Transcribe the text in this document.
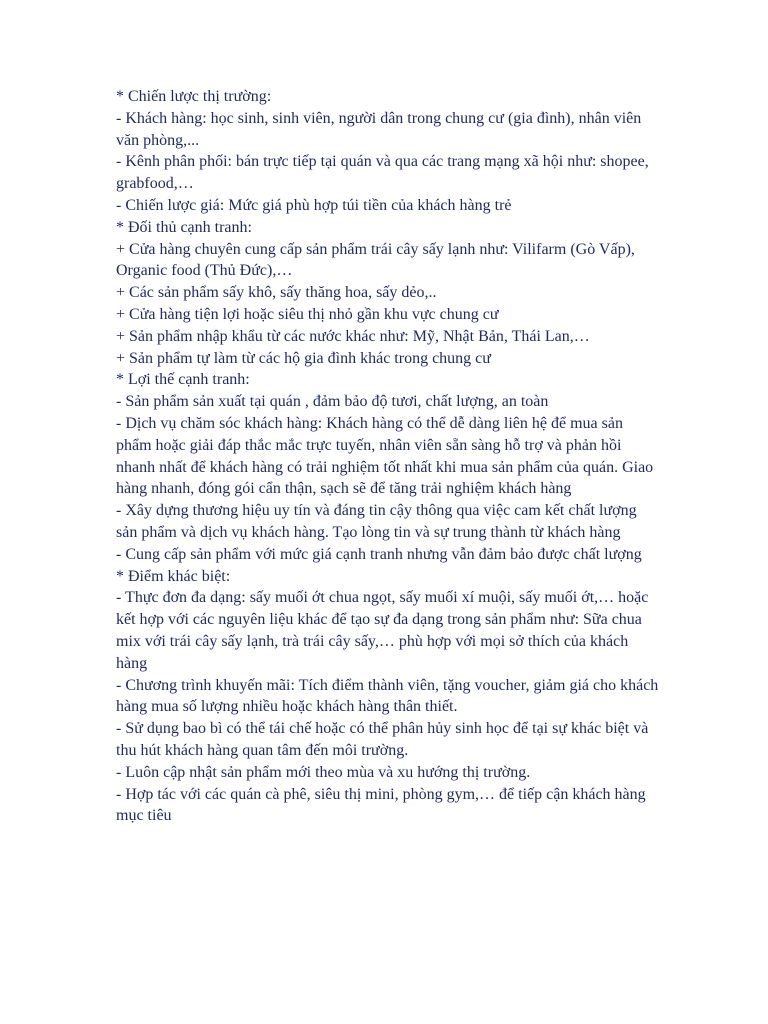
* Chiến lược thị trường:

- Khách hàng: học sinh, sinh viên, người dân trong chung cư (gia đình), nhân viên văn phòng,...

- Kênh phân phối: bán trực tiếp tại quán và qua các trang mạng xã hội như: shopee, grabfood,…

- Chiến lược giá: Mức giá phù hợp túi tiền của khách hàng trẻ

* Đối thủ cạnh tranh:

+ Cửa hàng chuyên cung cấp sản phẩm trái cây sấy lạnh như: Vilifarm (Gò Vấp), Organic food (Thủ Đức),…

+ Các sản phẩm sấy khô, sấy thăng hoa, sấy dẻo,..

+ Cửa hàng tiện lợi hoặc siêu thị nhỏ gần khu vực chung cư

+ Sản phẩm nhập khẩu từ các nước khác như: Mỹ, Nhật Bản, Thái Lan,…

+ Sản phẩm tự làm từ các hộ gia đình khác trong chung cư

* Lợi thế cạnh tranh:

- Sản phẩm sản xuất tại quán , đảm bảo độ tươi, chất lượng, an toàn

- Dịch vụ chăm sóc khách hàng: Khách hàng có thể dễ dàng liên hệ để mua sản phẩm hoặc giải đáp thắc mắc trực tuyến, nhân viên sẵn sàng hỗ trợ và phản hồi nhanh nhất để khách hàng có trải nghiệm tốt nhất khi mua sản phẩm của quán. Giao hàng nhanh, đóng gói cẩn thận, sạch sẽ để tăng trải nghiệm khách hàng

- Xây dựng thương hiệu uy tín và đáng tin cậy thông qua việc cam kết chất lượng sản phẩm và dịch vụ khách hàng. Tạo lòng tin và sự trung thành từ khách hàng

- Cung cấp sản phẩm với mức giá cạnh tranh nhưng vẫn đảm bảo được chất lượng

* Điểm khác biệt:

- Thực đơn đa dạng: sấy muối ớt chua ngọt, sấy muối xí muội, sấy muối ớt,… hoặc kết hợp với các nguyên liệu khác để tạo sự đa dạng trong sản phẩm như: Sữa chua mix với trái cây sấy lạnh, trà trái cây sấy,… phù hợp với mọi sở thích của khách hàng

- Chương trình khuyến mãi: Tích điểm thành viên, tặng voucher, giảm giá cho khách hàng mua số lượng nhiều hoặc khách hàng thân thiết.

- Sử dụng bao bì có thể tái chế hoặc có thể phân hủy sinh học để tại sự khác biệt và thu hút khách hàng quan tâm đến môi trường.

- Luôn cập nhật sản phẩm mới theo mùa và xu hướng thị trường.

- Hợp tác với các quán cà phê, siêu thị mini, phòng gym,… để tiếp cận khách hàng mục tiêu
